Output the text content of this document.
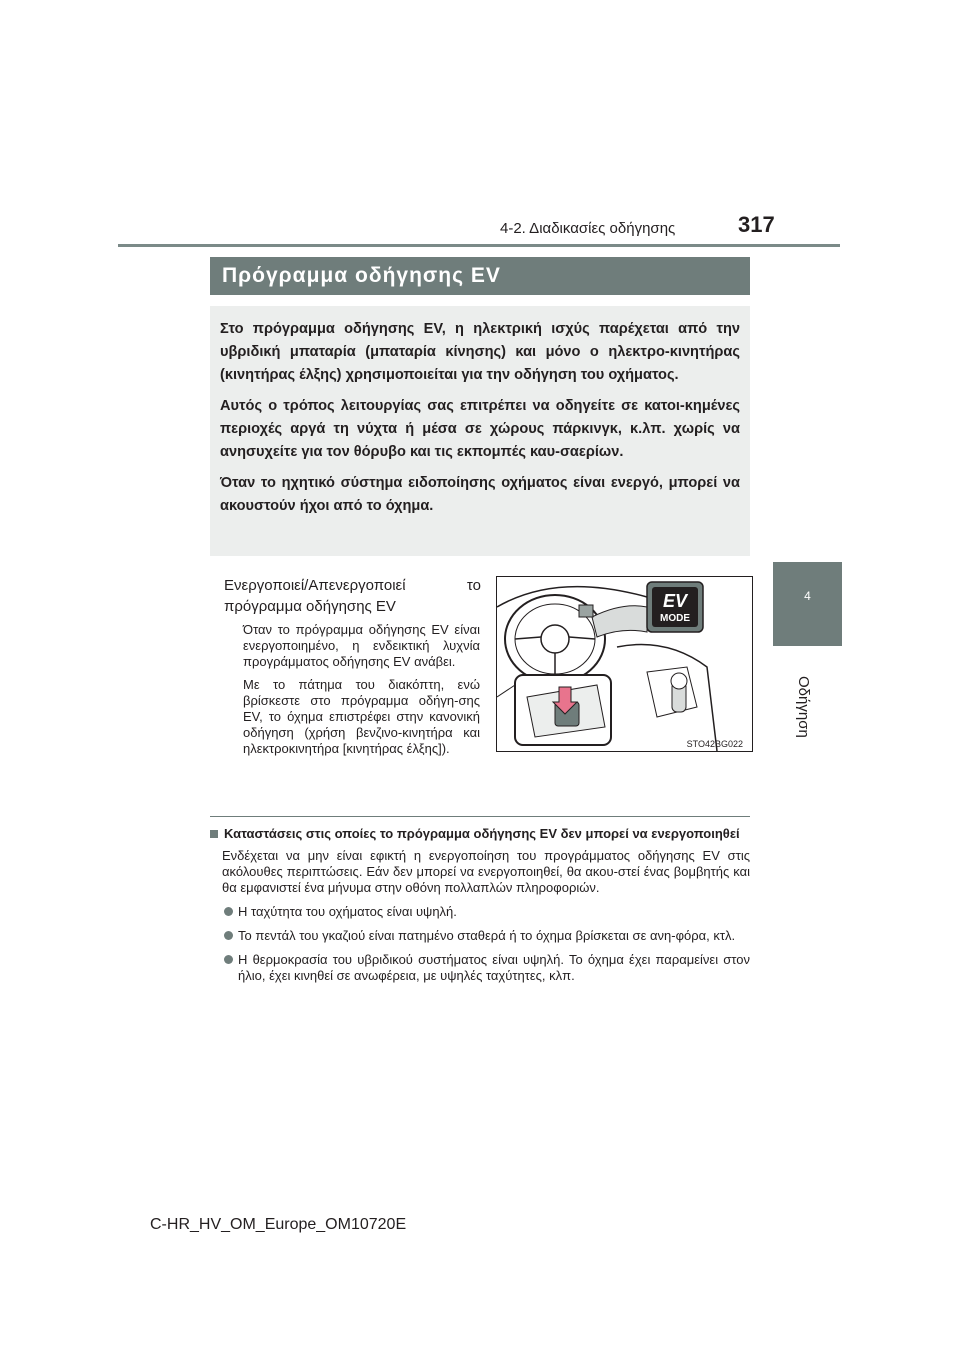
4-2. Διαδικασίες οδήγησης	317
4
Οδήγηση
Πρόγραμμα οδήγησης EV

Στο πρόγραμμα οδήγησης EV, η ηλεκτρική ισχύς παρέχεται από την υβριδική μπαταρία (μπαταρία κίνησης) και μόνο ο ηλεκτρο-κινητήρας (κινητήρας έλξης) χρησιμοποιείται για την οδήγηση του οχήματος.

Αυτός ο τρόπος λειτουργίας σας επιτρέπει να οδηγείτε σε κατοι-κημένες περιοχές αργά τη νύχτα ή μέσα σε χώρους πάρκινγκ, κ.λπ. χωρίς να ανησυχείτε για τον θόρυβο και τις εκπομπές καυ-σαερίων.

Όταν το ηχητικό σύστημα ειδοποίησης οχήματος είναι ενεργό, μπορεί να ακουστούν ήχοι από το όχημα.

Ενεργοποιεί/Απενεργοποιεί το πρόγραμμα οδήγησης EV

Όταν το πρόγραμμα οδήγησης EV είναι ενεργοποιημένο, η ενδεικτική λυχνία προγράμματος οδήγησης EV ανάβει.

Με το πάτημα του διακόπτη, ενώ βρίσκεστε στο πρόγραμμα οδήγη-σης EV, το όχημα επιστρέφει στην κανονική οδήγηση (χρήση βενζινο-κινητήρα και ηλεκτροκινητήρα [κινητήρας έλξης]).

EV
MODE
STO42BG022
Καταστάσεις στις οποίες το πρόγραμμα οδήγησης EV δεν μπορεί να ενεργοποιηθεί
Ενδέχεται να μην είναι εφικτή η ενεργοποίηση του προγράμματος οδήγησης EV στις ακόλουθες περιπτώσεις. Εάν δεν μπορεί να ενεργοποιηθεί, θα ακου-στεί ένας βομβητής και θα εμφανιστεί ένα μήνυμα στην οθόνη πολλαπλών πληροφοριών.
Η ταχύτητα του οχήματος είναι υψηλή.
Το πεντάλ του γκαζιού είναι πατημένο σταθερά ή το όχημα βρίσκεται σε ανη-φόρα, κτλ.
Η θερμοκρασία του υβριδικού συστήματος είναι υψηλή. Το όχημα έχει παραμείνει στον ήλιο, έχει κινηθεί σε ανωφέρεια, με υψηλές ταχύτητες, κλπ.
C-HR_HV_OM_Europe_OM10720E
